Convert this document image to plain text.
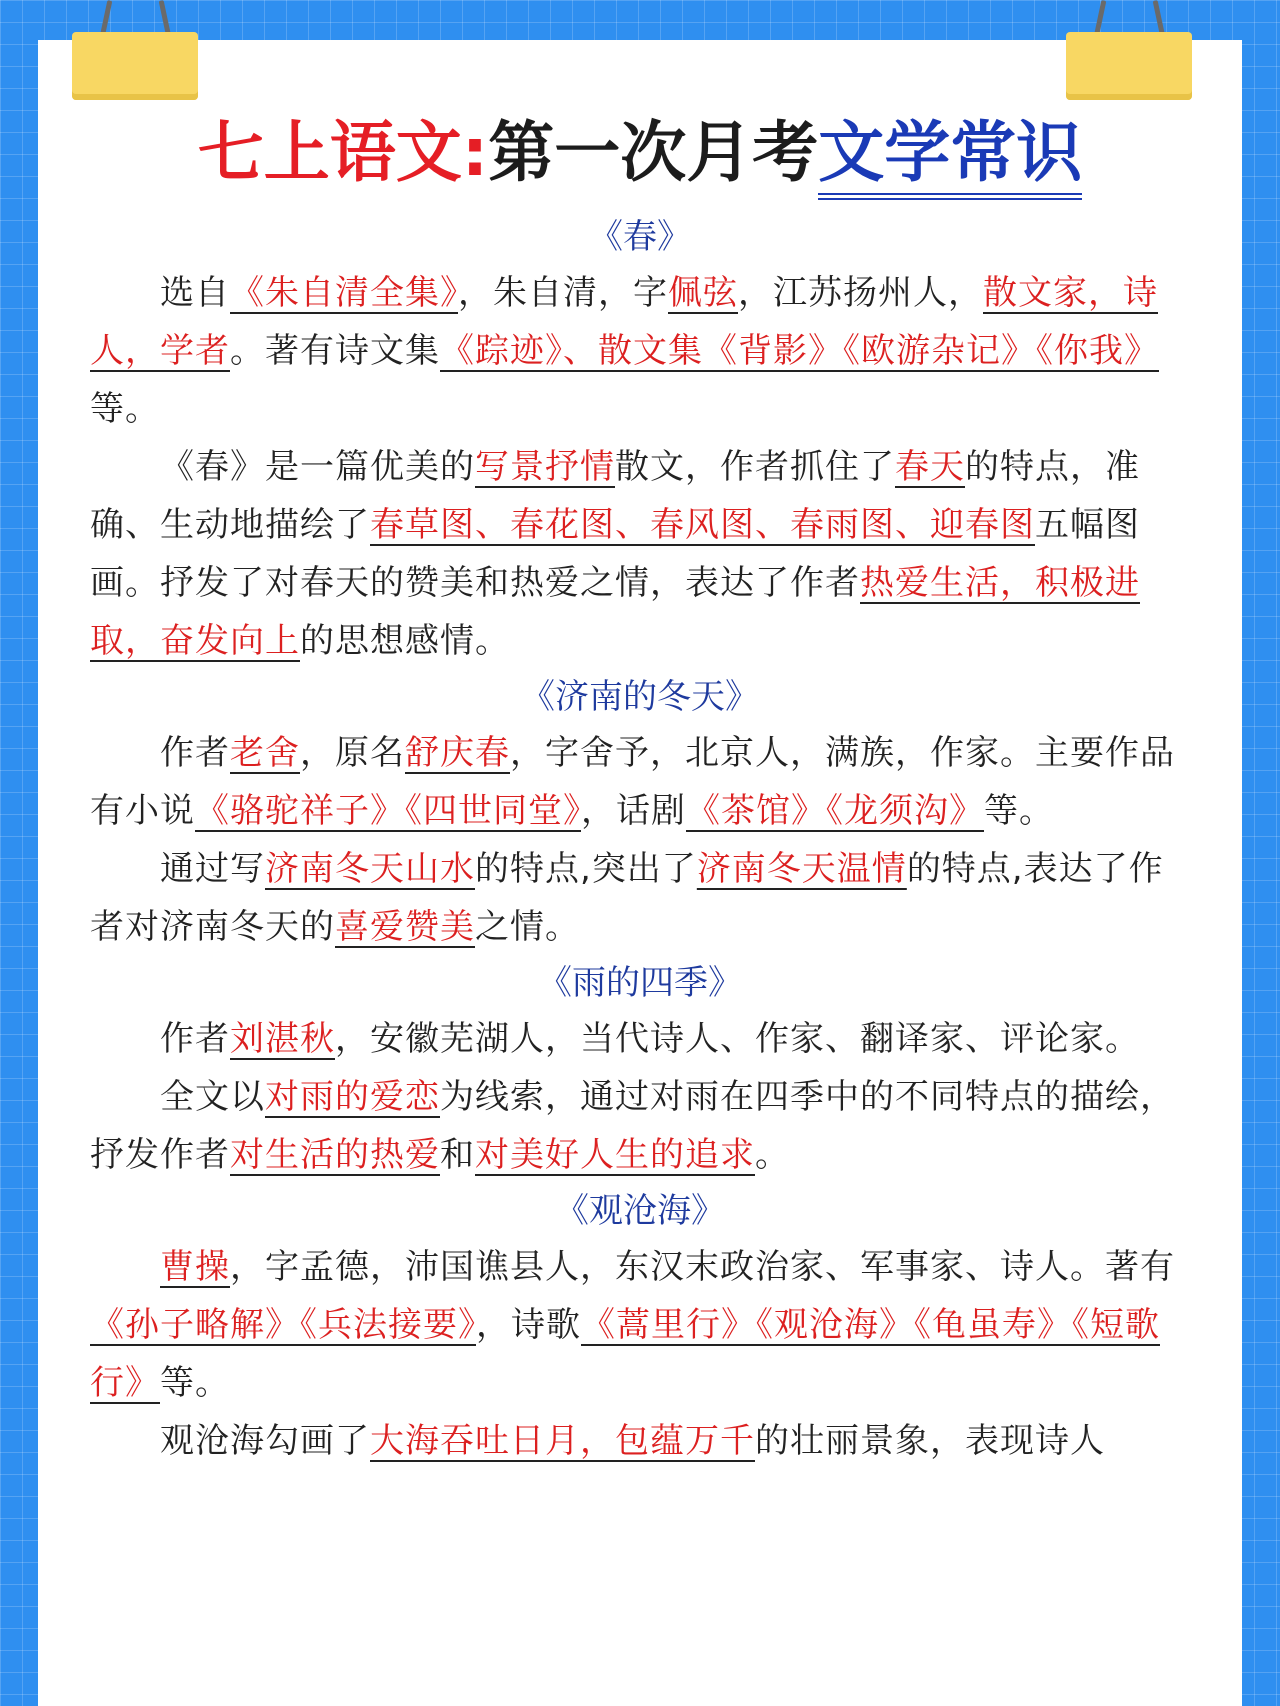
七上语文:第一次月考文学常识
《春》

选自《朱自清全集》，朱自清，字佩弦，江苏扬州人，散文家，诗人，学者。著有诗文集《踪迹》、散文集《背影》《欧游杂记》《你我》等。

《春》是一篇优美的写景抒情散文，作者抓住了春天的特点，准确、生动地描绘了春草图、春花图、春风图、春雨图、迎春图五幅图画。抒发了对春天的赞美和热爱之情，表达了作者热爱生活，积极进取，奋发向上的思想感情。

《济南的冬天》

作者老舍，原名舒庆春，字舍予，北京人，满族，作家。主要作品有小说《骆驼祥子》《四世同堂》，话剧《茶馆》《龙须沟》等。

通过写济南冬天山水的特点,突出了济南冬天温情的特点,表达了作者对济南冬天的喜爱赞美之情。

《雨的四季》

作者刘湛秋，安徽芜湖人，当代诗人、作家、翻译家、评论家。

全文以对雨的爱恋为线索，通过对雨在四季中的不同特点的描绘，抒发作者对生活的热爱和对美好人生的追求。

《观沧海》

曹操，字孟德，沛国谯县人，东汉末政治家、军事家、诗人。著有《孙子略解》《兵法接要》，诗歌《蒿里行》《观沧海》《龟虽寿》《短歌行》等。

观沧海勾画了大海吞吐日月，包蕴万千的壮丽景象，表现诗人
